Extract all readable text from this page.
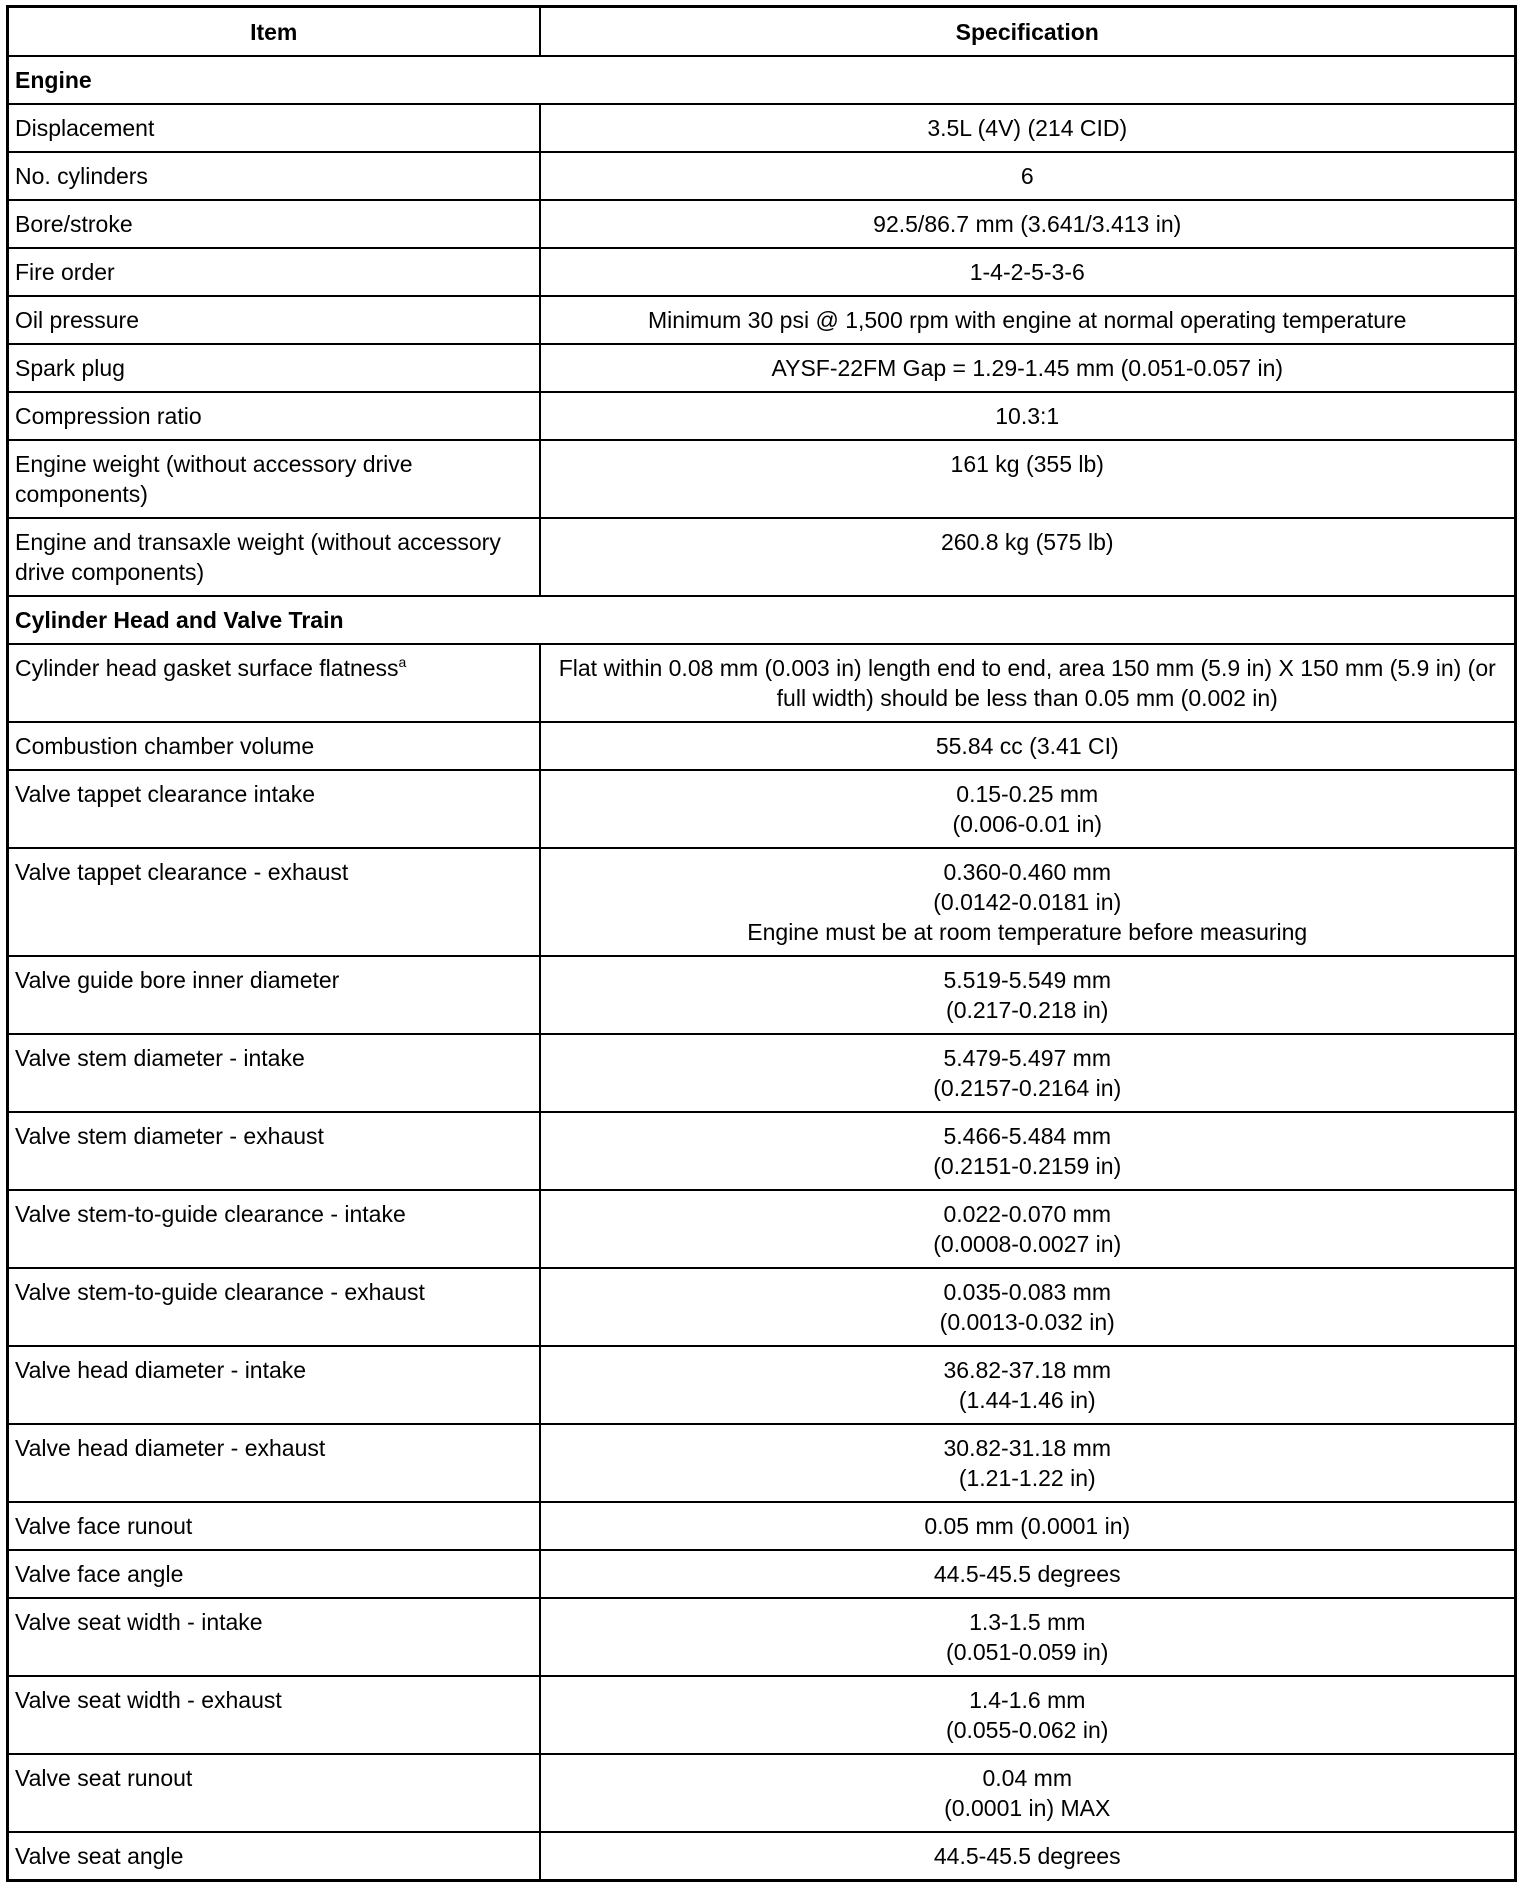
Item	Specification
Engine	
Displacement	3.5L (4V) (214 CID)

No. cylinders	6

Bore/stroke	92.5/86.7 mm (3.641/3.413 in)

Fire order	1-4-2-5-3-6

Oil pressure	Minimum 30 psi @ 1,500 rpm with engine at normal operating temperature

Spark plug	AYSF-22FM Gap = 1.29-1.45 mm (0.051-0.057 in)

Compression ratio	10.3:1

Engine weight (without accessory drive components)	161 kg (355 lb)

Engine and transaxle weight (without accessory drive components)	260.8 kg (575 lb)

Cylinder Head and Valve Train	
Cylinder head gasket surface flatness$^a$	Flat within 0.08 mm (0.003 in) length end to end, area 150 mm (5.9 in) X 150 mm (5.9 in) (or full width) should be less than 0.05 mm (0.002 in)

Combustion chamber volume	55.84 cc (3.41 CI)

Valve tappet clearance intake	0.15-0.25 mm
(0.006-0.01 in)

Valve tappet clearance - exhaust	0.360-0.460 mm
(0.0142-0.0181 in)
Engine must be at room temperature before measuring

Valve guide bore inner diameter	5.519-5.549 mm
(0.217-0.218 in)

Valve stem diameter - intake	5.479-5.497 mm
(0.2157-0.2164 in)

Valve stem diameter - exhaust	5.466-5.484 mm
(0.2151-0.2159 in)

Valve stem-to-guide clearance - intake	0.022-0.070 mm
(0.0008-0.0027 in)

Valve stem-to-guide clearance - exhaust	0.035-0.083 mm
(0.0013-0.032 in)

Valve head diameter - intake	36.82-37.18 mm
(1.44-1.46 in)

Valve head diameter - exhaust	30.82-31.18 mm
(1.21-1.22 in)

Valve face runout	0.05 mm (0.0001 in)

Valve face angle	44.5-45.5 degrees

Valve seat width - intake	1.3-1.5 mm
(0.051-0.059 in)

Valve seat width - exhaust	1.4-1.6 mm
(0.055-0.062 in)

Valve seat runout	0.04 mm
(0.0001 in) MAX

Valve seat angle	44.5-45.5 degrees
